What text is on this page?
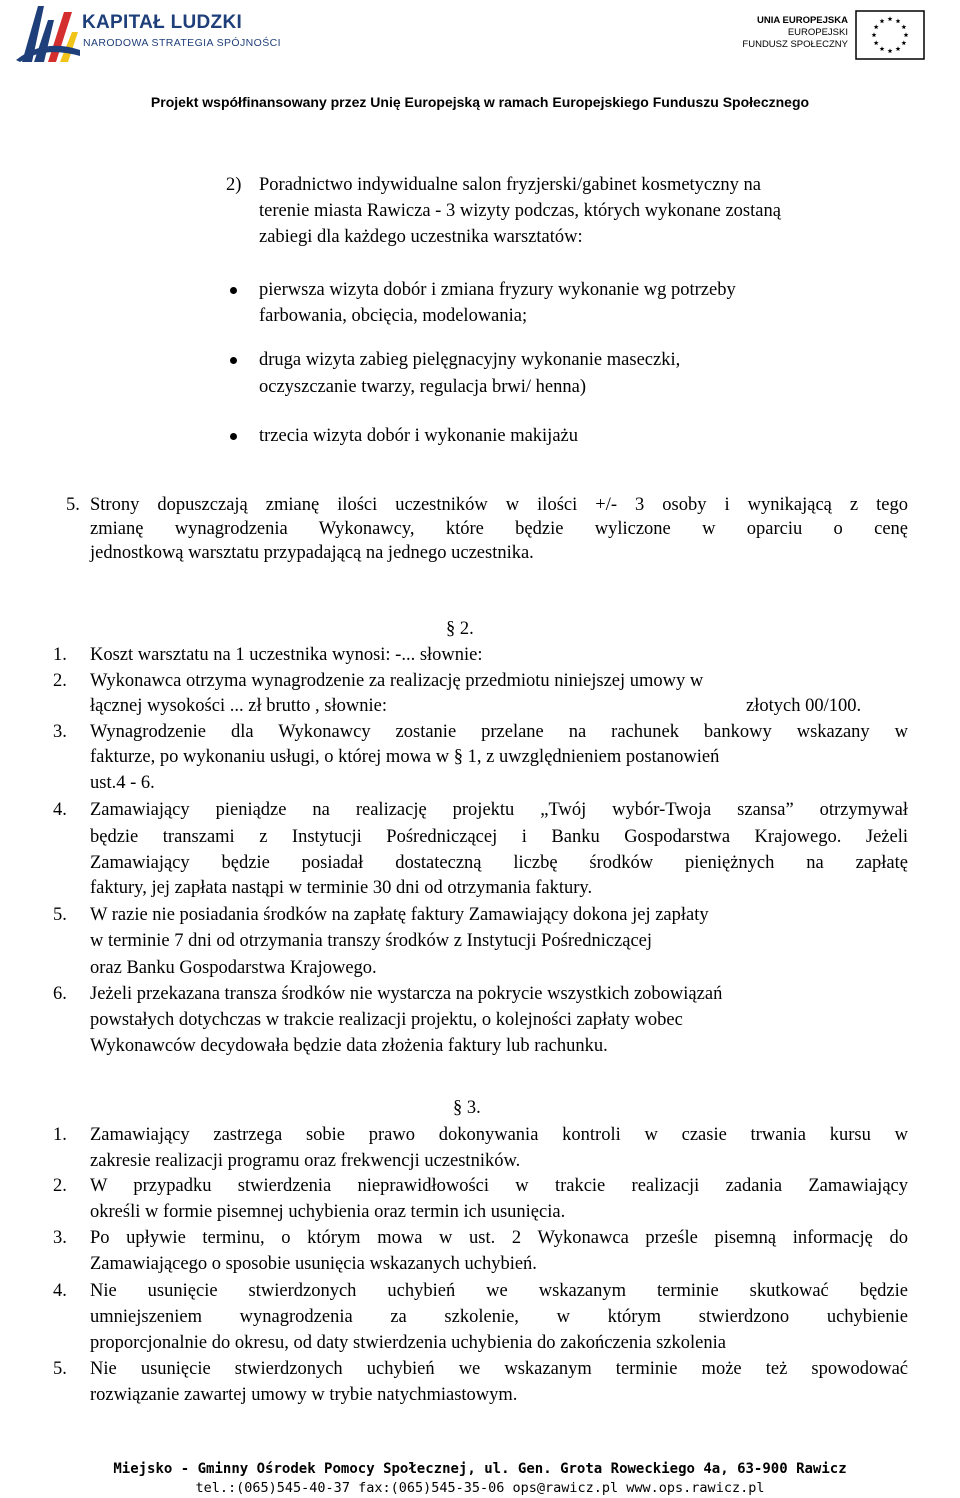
KAPITAŁ LUDZKI
NARODOWA STRATEGIA SPÓJNOŚCI
UNIA EUROPEJSKA
EUROPEJSKI
FUNDUSZ SPOŁECZNY
Projekt współfinansowany przez Unię Europejską w ramach Europejskiego Funduszu Społecznego
2) Poradnictwo indywidualne salon fryzjerski/gabinet kosmetyczny na
terenie miasta Rawicza - 3 wizyty podczas, których wykonane zostaną
zabiegi dla każdego uczestnika warsztatów:
pierwsza wizyta dobór i zmiana fryzury wykonanie wg potrzeby
farbowania, obcięcia, modelowania;
druga wizyta zabieg pielęgnacyjny wykonanie maseczki,
oczyszczanie twarzy, regulacja brwi/ henna)
trzecia wizyta dobór i wykonanie makijażu
5. Strony dopuszczają zmianę ilości uczestników w ilości +/- 3 osoby i wynikającą z tego
zmianę wynagrodzenia Wykonawcy, które będzie wyliczone w oparciu o cenę
jednostkową warsztatu przypadającą na jednego uczestnika.
§ 2.
1. Koszt warsztatu na 1 uczestnika wynosi: -... słownie:
2. Wykonawca otrzyma wynagrodzenie za realizację przedmiotu niniejszej umowy w
łącznej wysokości ... zł brutto , słownie:	złotych 00/100.
3. Wynagrodzenie dla Wykonawcy zostanie przelane na rachunek bankowy wskazany w
fakturze, po wykonaniu usługi, o której mowa w § 1, z uwzględnieniem postanowień
ust.4 - 6.
4. Zamawiający pieniądze na realizację projektu „Twój wybór-Twoja szansa” otrzymywał
będzie transzami z Instytucji Pośredniczącej i Banku Gospodarstwa Krajowego. Jeżeli
Zamawiający będzie posiadał dostateczną liczbę środków pieniężnych na zapłatę
faktury, jej zapłata nastąpi w terminie 30 dni od otrzymania faktury.
5. W razie nie posiadania środków na zapłatę faktury Zamawiający dokona jej zapłaty
w terminie 7 dni od otrzymania transzy środków z Instytucji Pośredniczącej
oraz Banku Gospodarstwa Krajowego.
6. Jeżeli przekazana transza środków nie wystarcza na pokrycie wszystkich zobowiązań
powstałych dotychczas w trakcie realizacji projektu, o kolejności zapłaty wobec
Wykonawców decydowała będzie data złożenia faktury lub rachunku.
§ 3.
1. Zamawiający zastrzega sobie prawo dokonywania kontroli w czasie trwania kursu w
zakresie realizacji programu oraz frekwencji uczestników.
2. W przypadku stwierdzenia nieprawidłowości w trakcie realizacji zadania Zamawiający
określi w formie pisemnej uchybienia oraz termin ich usunięcia.
3. Po upływie terminu, o którym mowa w ust. 2 Wykonawca prześle pisemną informację do
Zamawiającego o sposobie usunięcia wskazanych uchybień.
4. Nie usunięcie stwierdzonych uchybień we wskazanym terminie skutkować będzie
umniejszeniem wynagrodzenia za szkolenie, w którym stwierdzono uchybienie
proporcjonalnie do okresu, od daty stwierdzenia uchybienia do zakończenia szkolenia
5. Nie usunięcie stwierdzonych uchybień we wskazanym terminie może też spowodować
rozwiązanie zawartej umowy w trybie natychmiastowym.
Miejsko - Gminny Ośrodek Pomocy Społecznej, ul. Gen. Grota Roweckiego 4a, 63-900 Rawicz
tel.:(065)545-40-37 fax:(065)545-35-06 ops@rawicz.pl www.ops.rawicz.pl
